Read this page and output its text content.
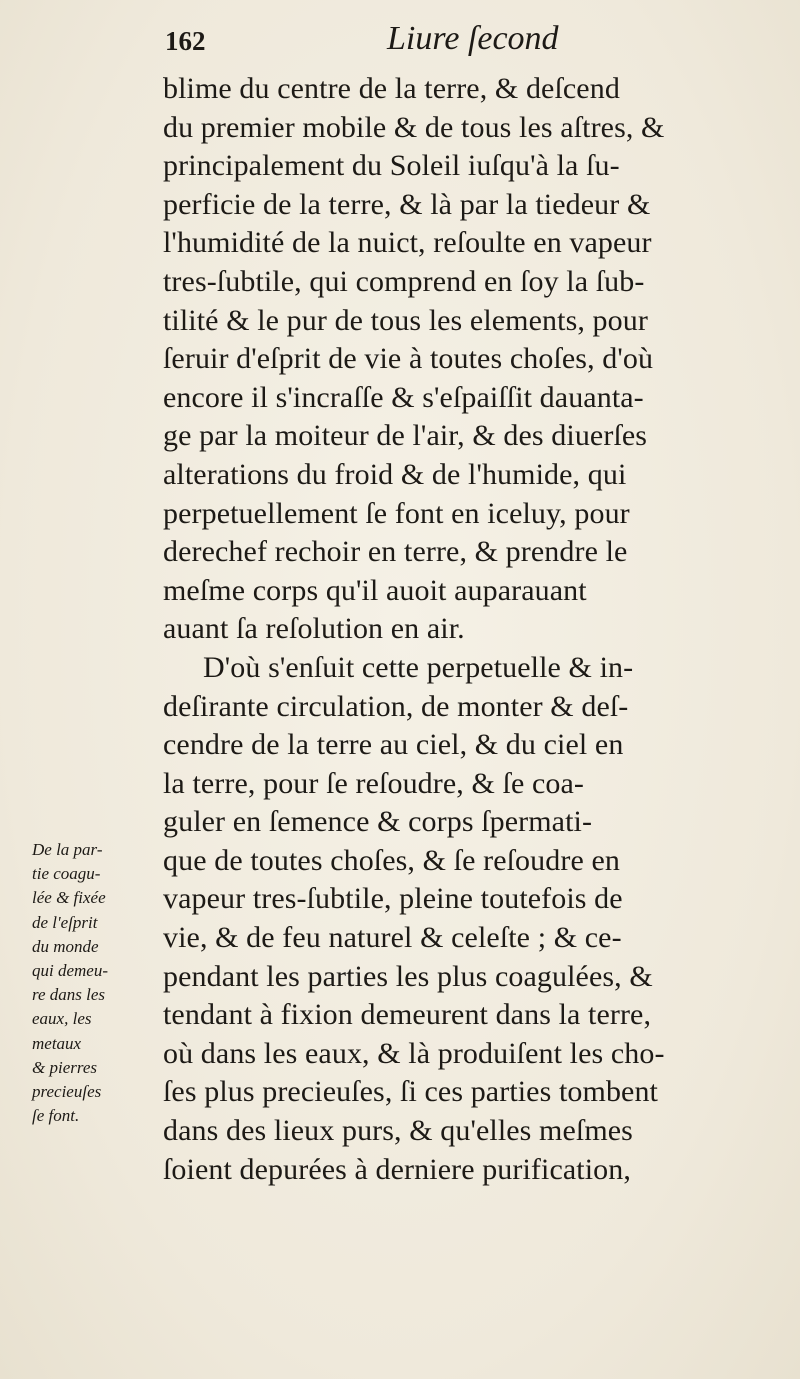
162	Liure ſecond
blime du centre de la terre, & deſcend
du premier mobile & de tous les aſtres, &
principalement du Soleil iuſqu'à la ſu-
perficie de la terre, & là par la tiedeur &
l'humidité de la nuict, reſoulte en vapeur
tres-ſubtile, qui comprend en ſoy la ſub-
tilité & le pur de tous les elements, pour
ſeruir d'eſprit de vie à toutes choſes, d'où
encore il s'incraſſe & s'eſpaiſſit dauanta-
ge par la moiteur de l'air, & des diuerſes
alterations du froid & de l'humide, qui
perpetuellement ſe font en iceluy, pour
derechef rechoir en terre, & prendre le
meſme corps qu'il auoit auparauant
auant ſa reſolution en air.
D'où s'enſuit cette perpetuelle & in-
deſirante circulation, de monter & deſ-
cendre de la terre au ciel, & du ciel en
la terre, pour ſe reſoudre, & ſe coa-
guler en ſemence & corps ſpermati-
que de toutes choſes, & ſe reſoudre en
vapeur tres-ſubtile, pleine toutefois de
vie, & de feu naturel & celeſte ; & ce-
pendant les parties les plus coagulées, &
tendant à fixion demeurent dans la terre,
où dans les eaux, & là produiſent les cho-
ſes plus precieuſes, ſi ces parties tombent
dans des lieux purs, & qu'elles meſmes
ſoient depurées à derniere purification,
De la par-
tie coagu-
lée & fixée
de l'eſprit
du monde
qui demeu-
re dans les
eaux, les
metaux
& pierres
precieuſes
ſe font.
